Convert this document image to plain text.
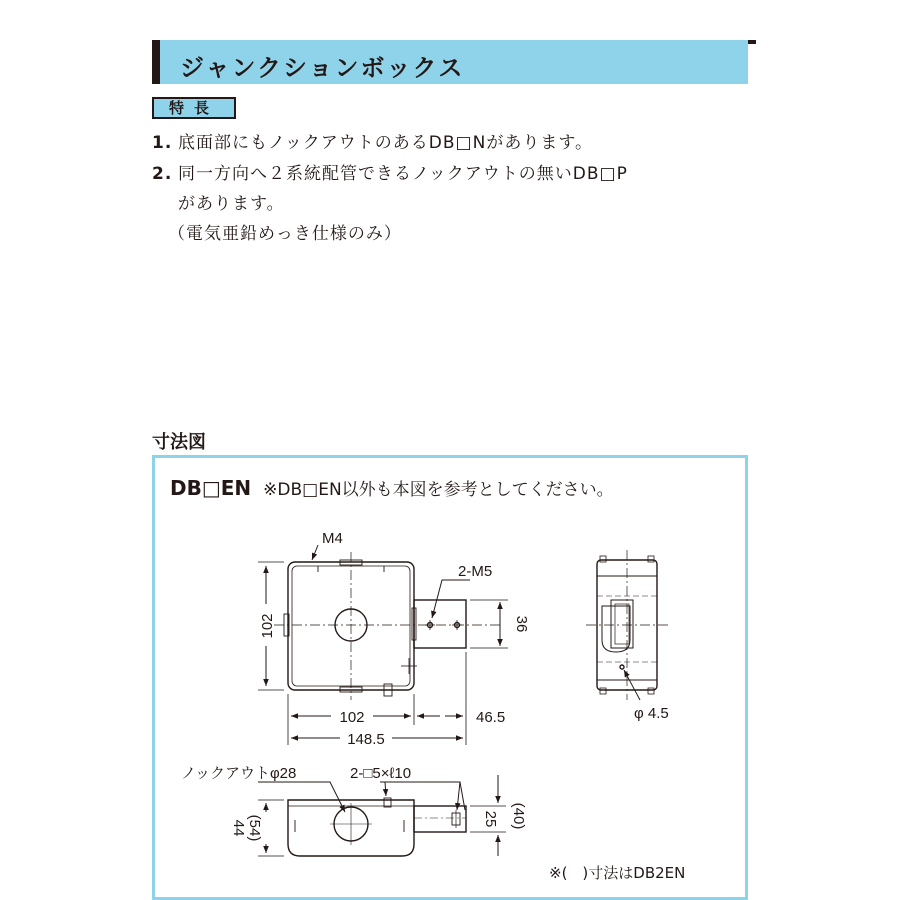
ジャンクションボックス
特長
1. 底面部にもノックアウトのあるDB□Nがあります。
2. 同一方向へ２系統配管できるノックアウトの無いDB□P
があります。
（電気亜鉛めっき仕様のみ）
寸法図
DB□EN ※DB□EN以外も本図を参考としてください。
M4
2-M5
102	36
102	46.5
148.5
φ 4.5
ノックアウトφ28	2-□5×ℓ10
44 (54)	25 (40)
※(　)寸法はDB2EN
